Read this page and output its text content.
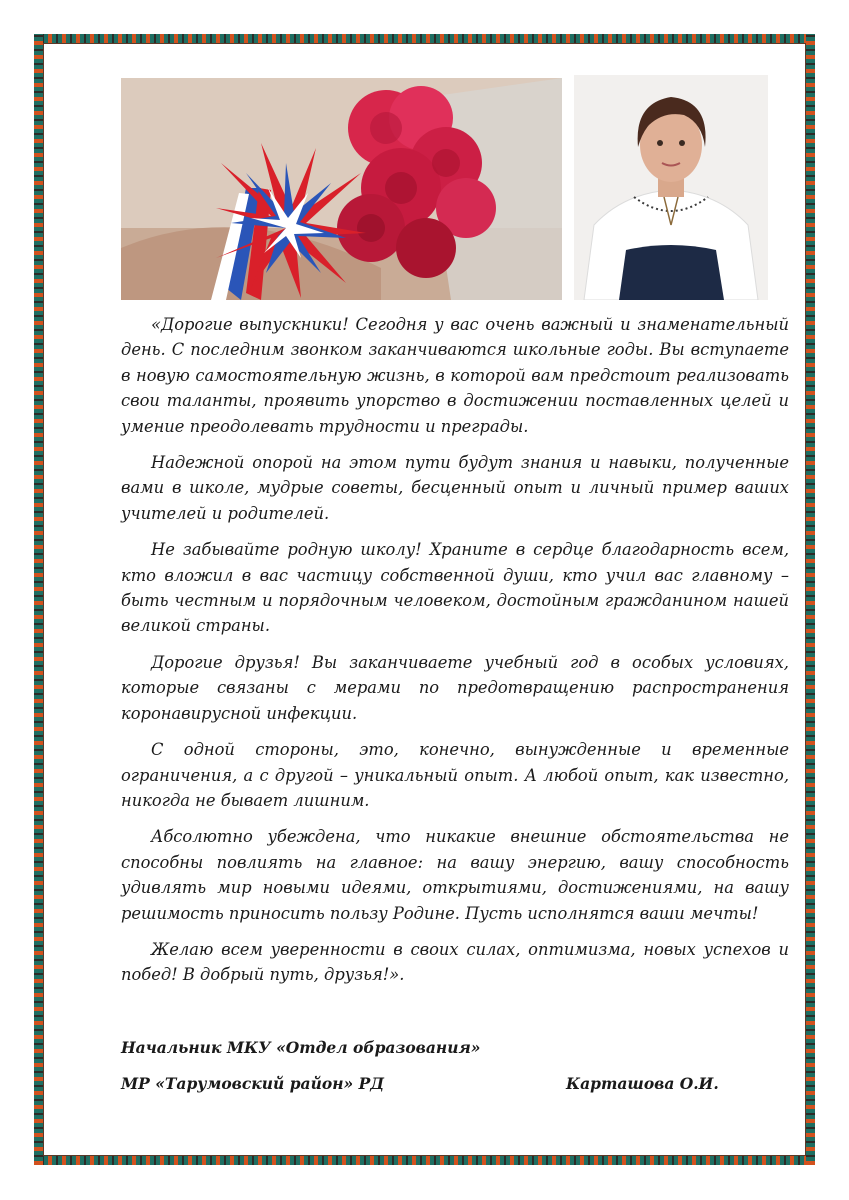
«Дорогие выпускники! Сегодня у вас очень важный и знаменательный день. С последним звонком заканчиваются школьные годы. Вы вступаете в новую самостоятельную жизнь, в которой вам предстоит реализовать свои таланты, проявить упорство в достижении поставленных целей и умение преодолевать трудности и преграды.

Надежной опорой на этом пути будут знания и навыки, полученные вами в школе, мудрые советы, бесценный опыт и личный пример ваших учителей и родителей.

Не забывайте родную школу! Храните в сердце благодарность всем, кто вложил в вас частицу собственной души, кто учил вас главному – быть честным и порядочным человеком, достойным гражданином нашей великой страны.

Дорогие друзья! Вы заканчиваете учебный год в особых условиях, которые связаны с мерами по предотвращению распространения коронавирусной инфекции.

С одной стороны, это, конечно, вынужденные и временные ограничения, а с другой – уникальный опыт. А любой опыт, как известно, никогда не бывает лишним.

Абсолютно убеждена, что никакие внешние обстоятельства не способны повлиять на главное: на вашу энергию, вашу способность удивлять мир новыми идеями, открытиями, достижениями, на вашу решимость приносить пользу Родине. Пусть исполнятся ваши мечты!

Желаю всем уверенности в своих силах, оптимизма, новых успехов и побед! В добрый путь, друзья!».

Начальник МКУ «Отдел образования»
МР «Тарумовский район» РД	Карташова О.И.
